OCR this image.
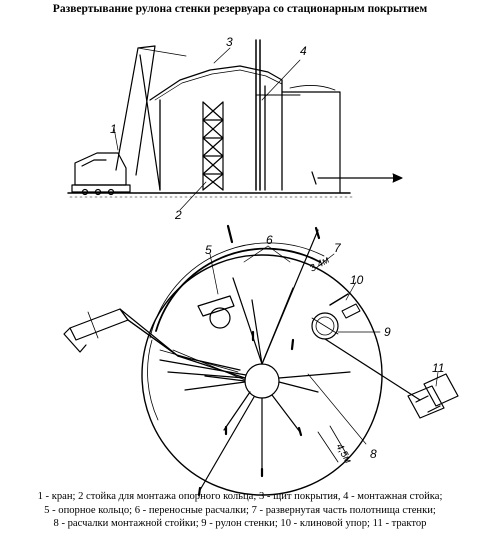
Развертывание рулона стенки резервуара со стационарным покрытием
1
2
3
4
5
6
7
8
9
10
11
3,4м
4,5м
1 - кран; 2 стойка для монтажа опорного кольца; 3 - щит покрытия, 4 - монтажная стойка;
5 - опорное кольцо; 6 - переносные расчалки; 7 - развернутая часть полотнища стенки;
8 - расчалки монтажной стойки; 9 - рулон стенки; 10 - клиновой упор; 11 - трактор
